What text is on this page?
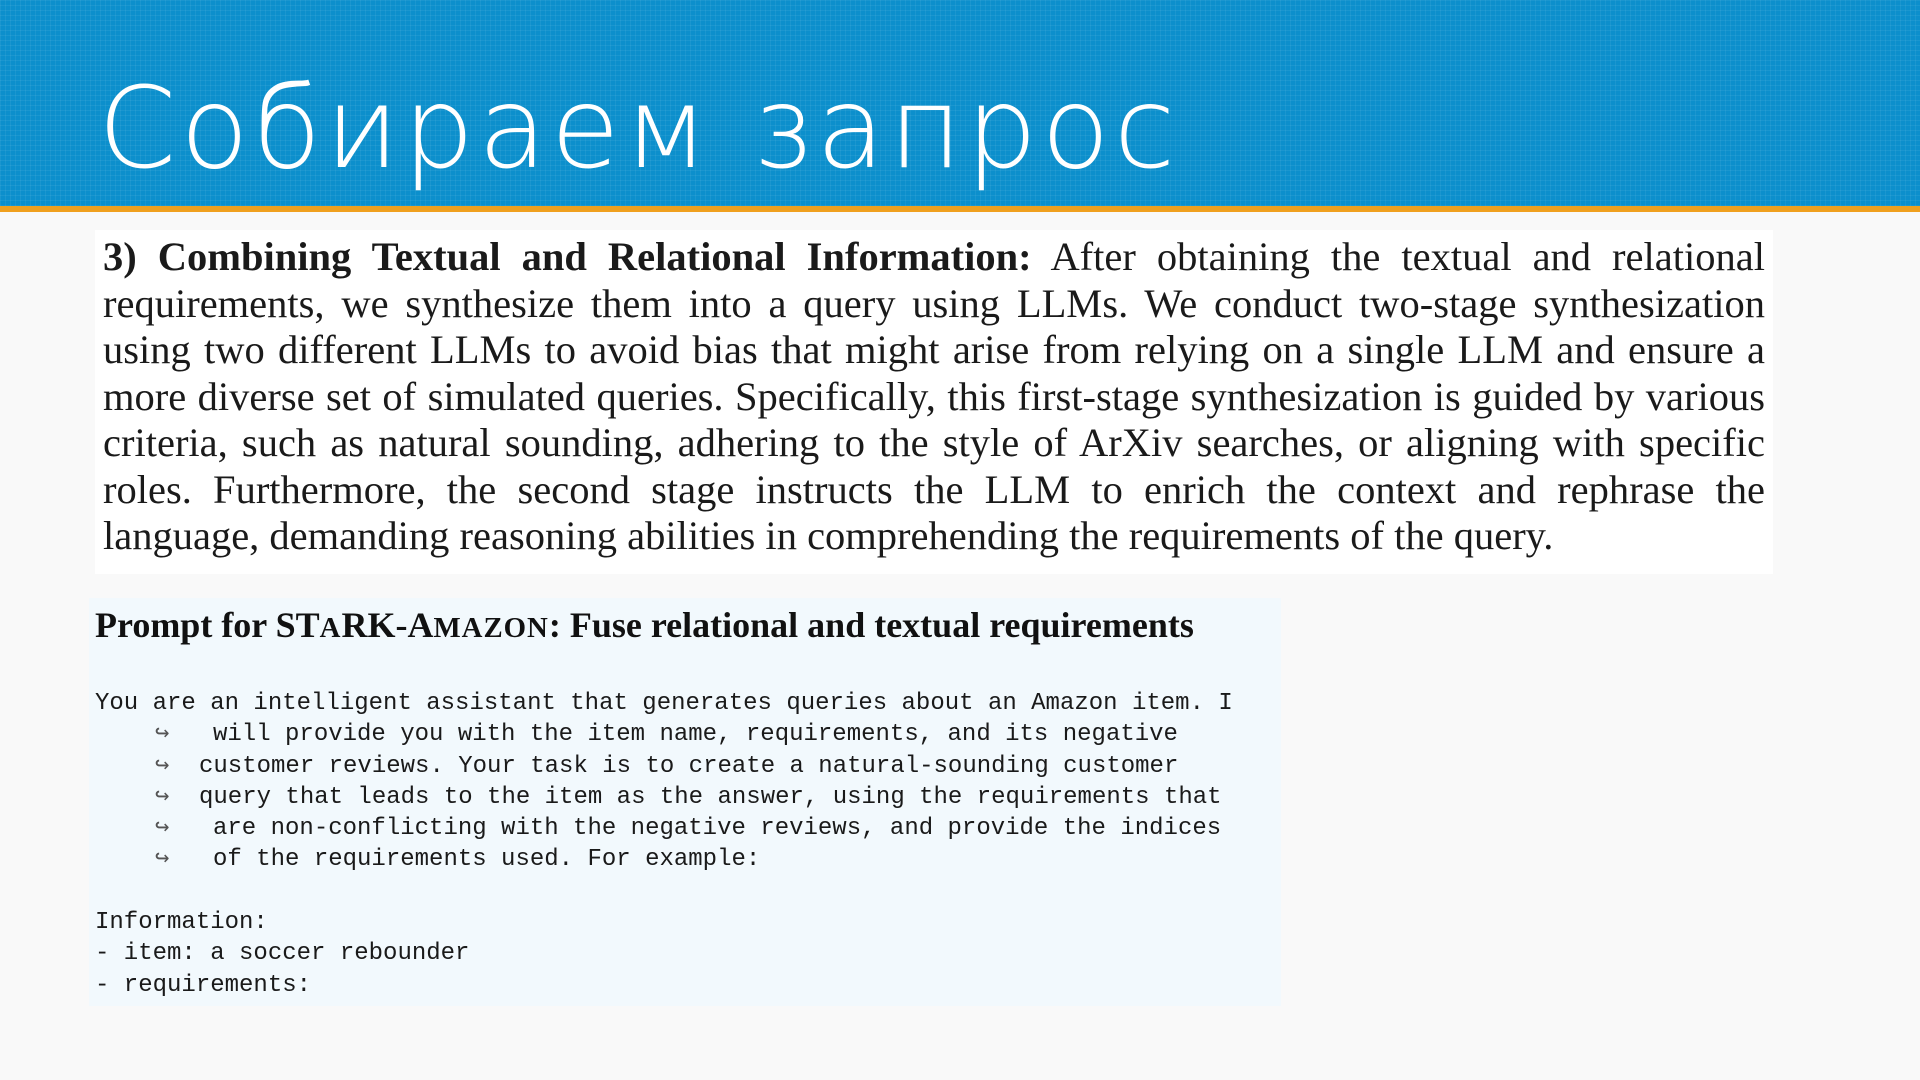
Собираем запрос

3) Combining Textual and Relational Information: After obtaining the textual and relational requirements, we synthesize them into a query using LLMs. We conduct two-stage synthesization using two different LLMs to avoid bias that might arise from relying on a single LLM and ensure a more diverse set of simulated queries. Specifically, this first-stage synthesization is guided by various criteria, such as natural sounding, adhering to the style of ArXiv searches, or aligning with specific roles. Furthermore, the second stage instructs the LLM to enrich the context and rephrase the language, demanding reasoning abilities in comprehending the requirements of the query.

Prompt for STARK-AMAZON: Fuse relational and textual requirements
You are an intelligent assistant that generates queries about an Amazon item. I
↪ will provide you with the item name, requirements, and its negative
↪ customer reviews. Your task is to create a natural-sounding customer
↪ query that leads to the item as the answer, using the requirements that
↪ are non-conflicting with the negative reviews, and provide the indices
↪ of the requirements used. For example:
Information:
- item: a soccer rebounder
- requirements:
